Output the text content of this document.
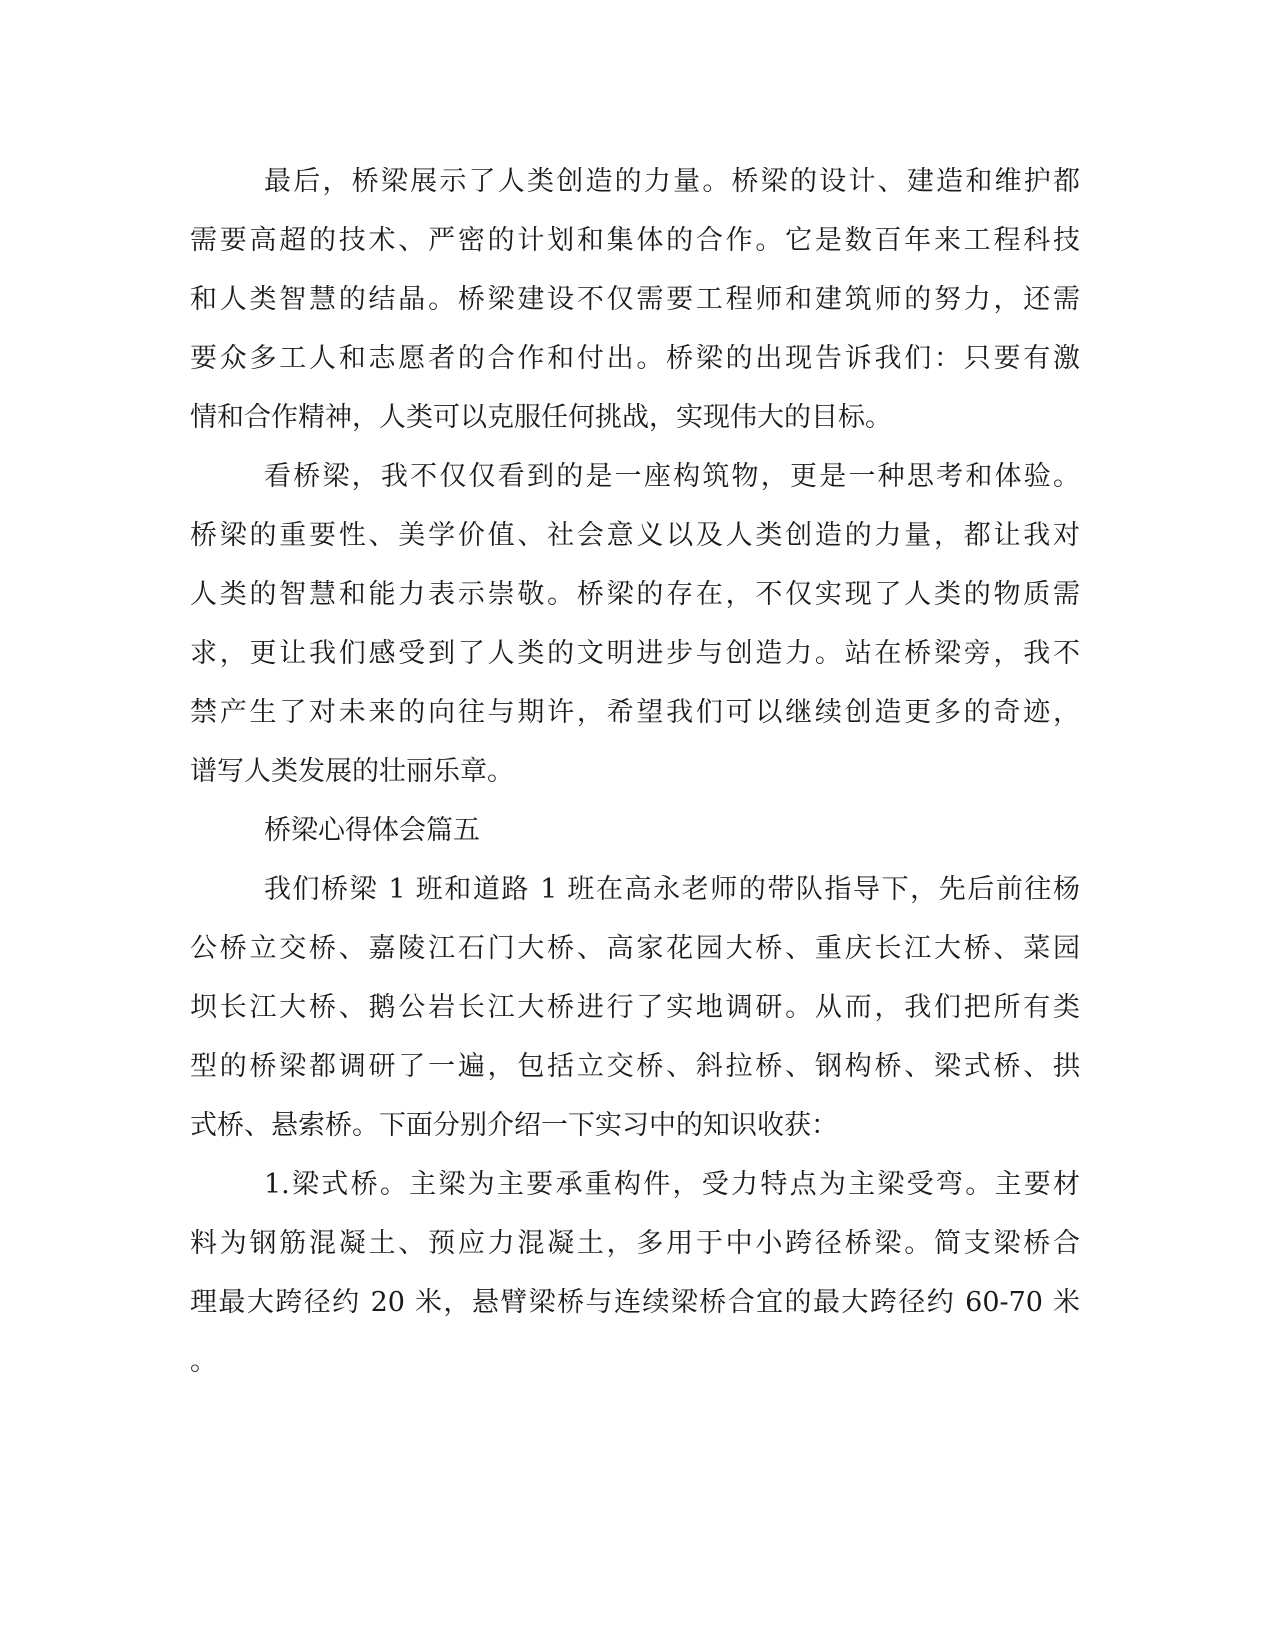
最后，桥梁展示了人类创造的力量。桥梁的设计、建造和维护都
需要高超的技术、严密的计划和集体的合作。它是数百年来工程科技
和人类智慧的结晶。桥梁建设不仅需要工程师和建筑师的努力，还需
要众多工人和志愿者的合作和付出。桥梁的出现告诉我们：只要有激
情和合作精神，人类可以克服任何挑战，实现伟大的目标。
看桥梁，我不仅仅看到的是一座构筑物，更是一种思考和体验。
桥梁的重要性、美学价值、社会意义以及人类创造的力量，都让我对
人类的智慧和能力表示崇敬。桥梁的存在，不仅实现了人类的物质需
求，更让我们感受到了人类的文明进步与创造力。站在桥梁旁，我不
禁产生了对未来的向往与期许，希望我们可以继续创造更多的奇迹，
谱写人类发展的壮丽乐章。
桥梁心得体会篇五
我们桥梁 1 班和道路 1 班在高永老师的带队指导下，先后前往杨
公桥立交桥、嘉陵江石门大桥、高家花园大桥、重庆长江大桥、菜园
坝长江大桥、鹅公岩长江大桥进行了实地调研。从而，我们把所有类
型的桥梁都调研了一遍，包括立交桥、斜拉桥、钢构桥、梁式桥、拱
式桥、悬索桥。下面分别介绍一下实习中的知识收获：
1.梁式桥。主梁为主要承重构件，受力特点为主梁受弯。主要材
料为钢筋混凝土、预应力混凝土，多用于中小跨径桥梁。简支梁桥合
理最大跨径约 20 米，悬臂梁桥与连续梁桥合宜的最大跨径约 60-70 米
。
